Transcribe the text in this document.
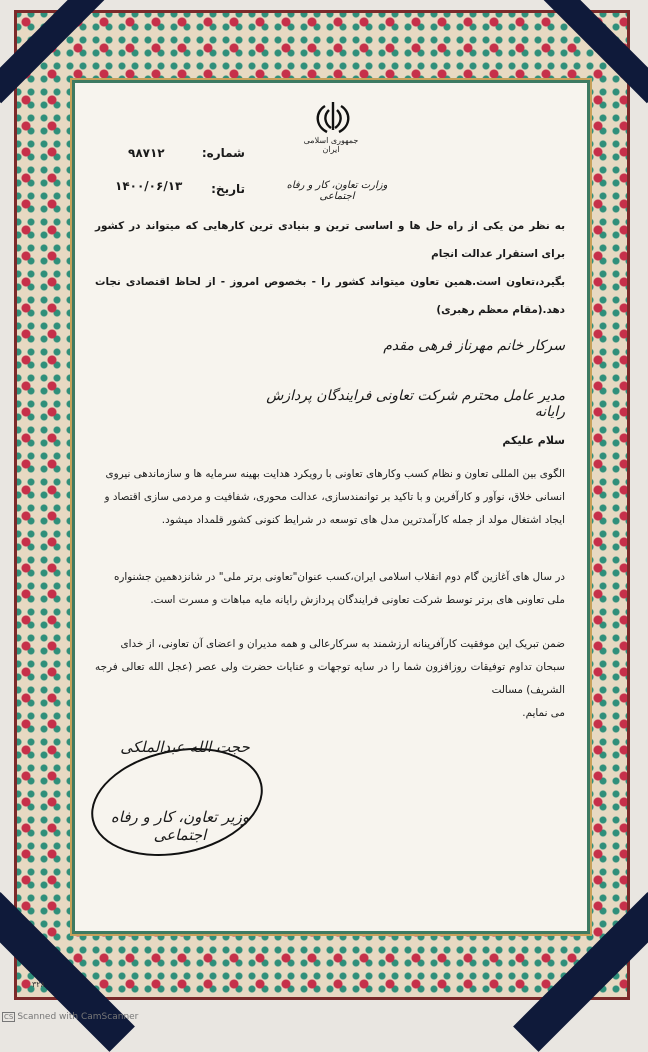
جمهوری اسلامی ایران
شماره:
۹۸۷۱۲
وزارت تعاون، کار و رفاه اجتماعی
تاریخ:
۱۴۰۰/۰۶/۱۳
به نظر من یکی از راه حل ها و اساسی ترین و بنیادی ترین کارهایی که میتواند در کشور برای استقرار عدالت انجام
بگیرد،تعاون است.همین تعاون میتواند کشور را - بخصوص امروز - از لحاظ اقتصادی نجات دهد.(مقام معظم رهبری)
سرکار خانم مهرناز فرهی مقدم
مدیر عامل محترم شرکت تعاونی فرایندگان پردازش رایانه
سلام علیکم
الگوی بین المللی تعاون و نظام کسب وکارهای تعاونی با رویکرد هدایت بهینه سرمایه ها و سازماندهی نیروی
انسانی خلاق، نوآور و کارآفرین و با تاکید بر توانمندسازی، عدالت محوری، شفافیت و مردمی سازی اقتصاد و
ایجاد اشتغال مولد از جمله کارآمدترین مدل های توسعه در شرایط کنونی کشور قلمداد میشود.
در سال های آغازین گام دوم انقلاب اسلامی ایران،کسب عنوان"تعاونی برتر ملی" در شانزدهمین جشنواره
ملی تعاونی های برتر توسط شرکت تعاونی فرایندگان پردازش رایانه مایه مباهات و مسرت است.
ضمن تبریک این موفقیت کارآفرینانه ارزشمند به سرکارعالی و همه مدیران و اعضای آن تعاونی، از خدای
سبحان تداوم توفیقات روزافزون شما را در سایه توجهات و عنایات حضرت ولی عصر (عجل الله تعالی فرجه الشریف) مسالت
می نمایم.
حجت الله عبدالملکی
وزیر تعاون، کار و رفاه اجتماعی
۳۲۸
CS Scanned with CamScanner
